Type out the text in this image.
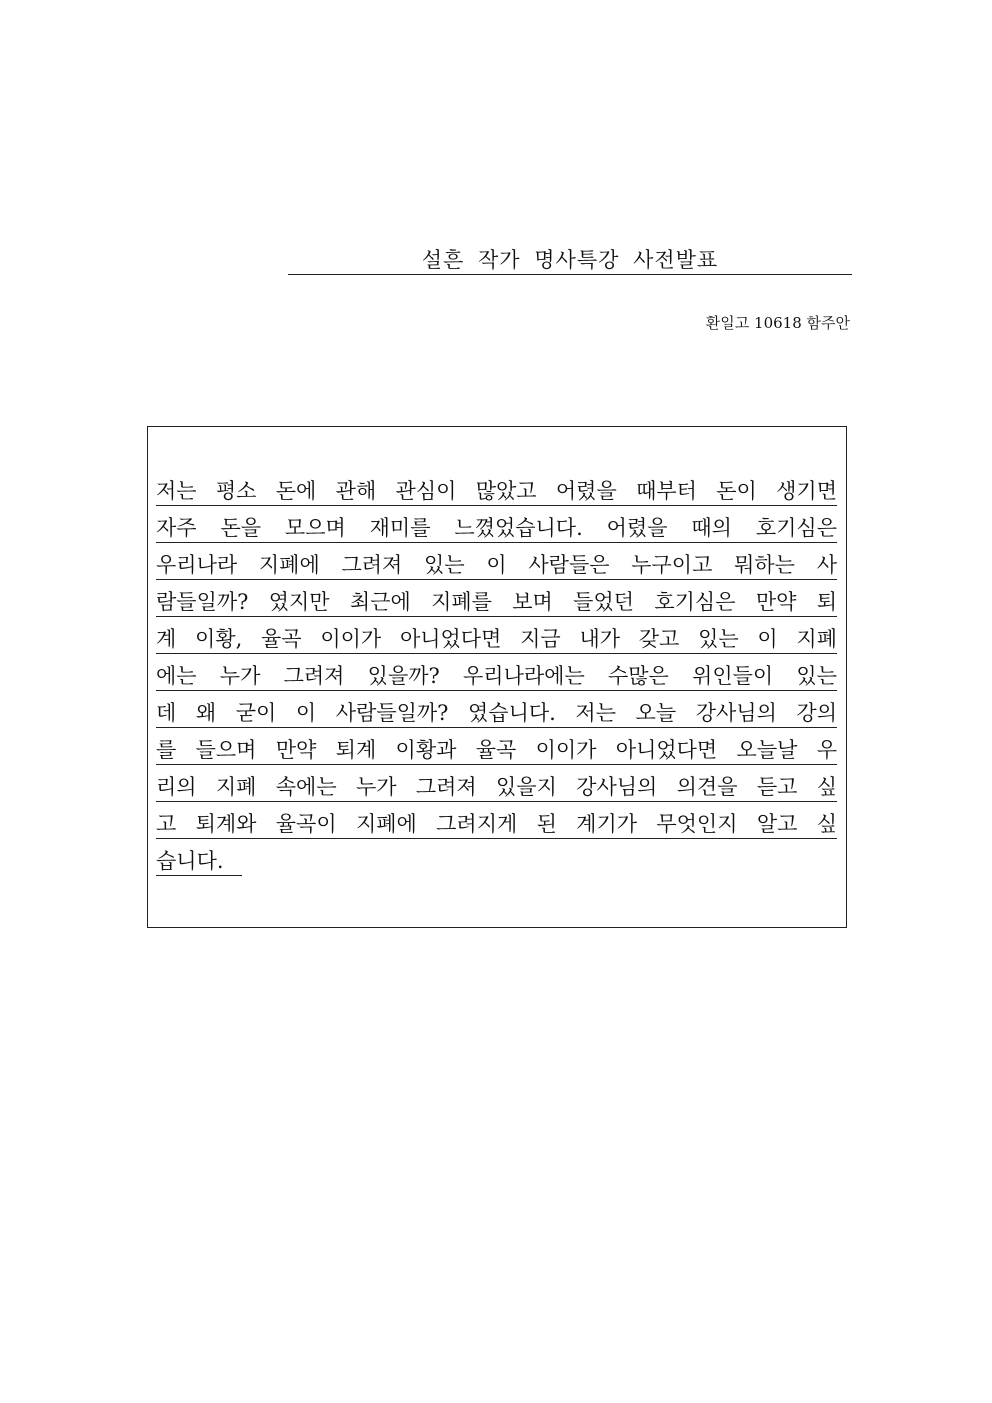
설흔 작가 명사특강 사전발표
환일고 10618 함주안
저는 평소 돈에 관해 관심이 많았고 어렸을 때부터 돈이 생기면
자주 돈을 모으며 재미를 느꼈었습니다. 어렸을 때의 호기심은
우리나라 지폐에 그려져 있는 이 사람들은 누구이고 뭐하는 사
람들일까? 였지만 최근에 지폐를 보며 들었던 호기심은 만약 퇴
계 이황, 율곡 이이가 아니었다면 지금 내가 갖고 있는 이 지폐
에는 누가 그려져 있을까? 우리나라에는 수많은 위인들이 있는
데 왜 굳이 이 사람들일까? 였습니다. 저는 오늘 강사님의 강의
를 들으며 만약 퇴계 이황과 율곡 이이가 아니었다면 오늘날 우
리의 지폐 속에는 누가 그려져 있을지 강사님의 의견을 듣고 싶
고 퇴계와 율곡이 지폐에 그려지게 된 계기가 무엇인지 알고 싶
습니다.
